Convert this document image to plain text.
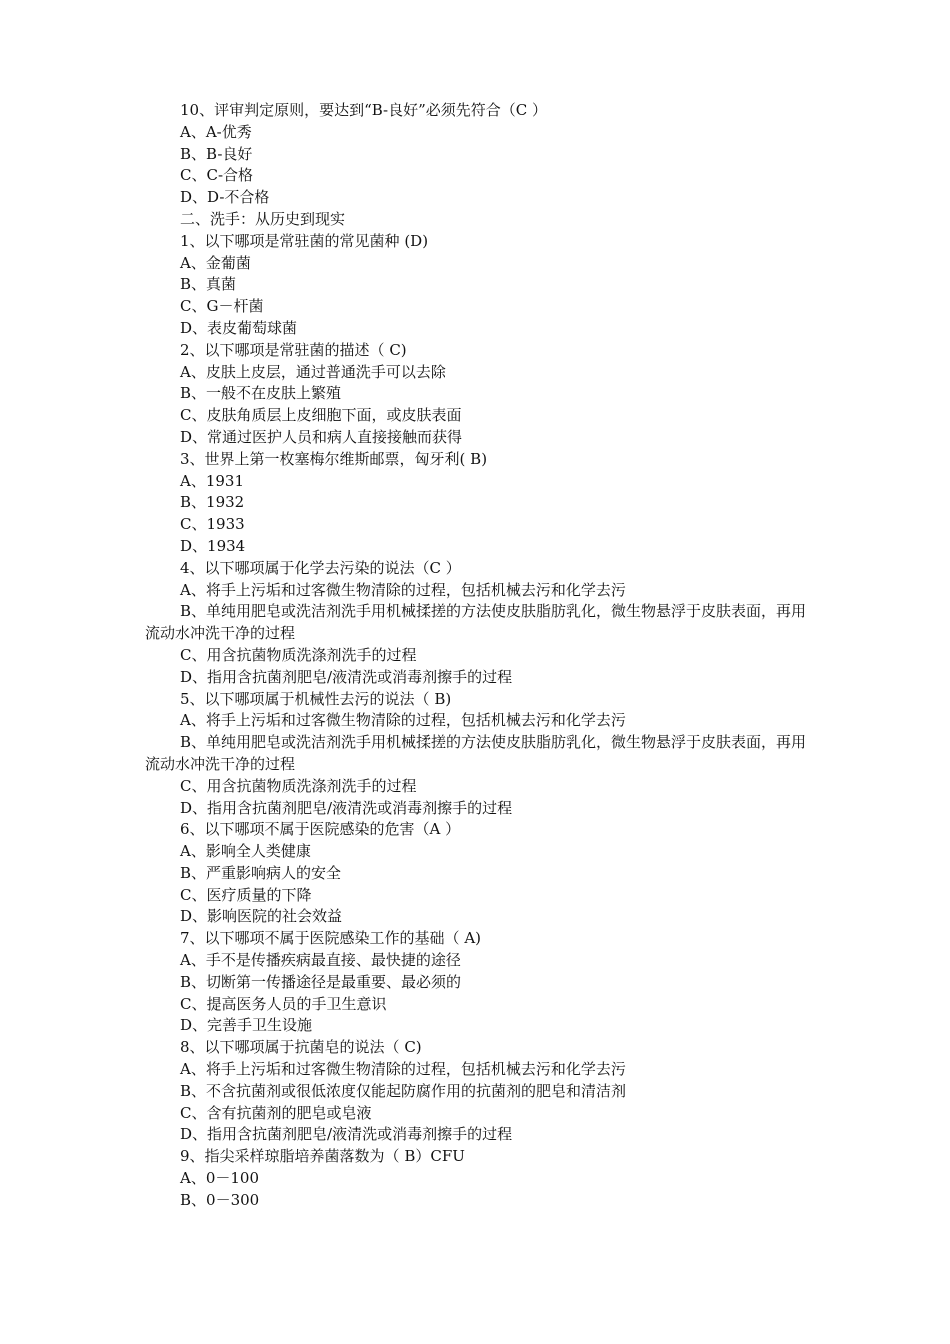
10、评审判定原则，要达到“B-良好”必须先符合（C ）
A、A-优秀
B、B-良好
C、C-合格
D、D-不合格
二、洗手：从历史到现实
1、以下哪项是常驻菌的常见菌种 (D)
A、金葡菌
B、真菌
C、G－杆菌
D、表皮葡萄球菌
2、以下哪项是常驻菌的描述（ C)
A、皮肤上皮层，通过普通洗手可以去除
B、一般不在皮肤上繁殖
C、皮肤角质层上皮细胞下面，或皮肤表面
D、常通过医护人员和病人直接接触而获得
3、世界上第一枚塞梅尔维斯邮票，匈牙利( B)
A、1931
B、1932
C、1933
D、1934
4、以下哪项属于化学去污染的说法（C ）
A、将手上污垢和过客微生物清除的过程，包括机械去污和化学去污
B、单纯用肥皂或洗洁剂洗手用机械揉搓的方法使皮肤脂肪乳化，微生物悬浮于皮肤表面，再用流动水冲洗干净的过程
C、用含抗菌物质洗涤剂洗手的过程
D、指用含抗菌剂肥皂/液清洗或消毒剂擦手的过程
5、以下哪项属于机械性去污的说法（ B)
A、将手上污垢和过客微生物清除的过程，包括机械去污和化学去污
B、单纯用肥皂或洗洁剂洗手用机械揉搓的方法使皮肤脂肪乳化，微生物悬浮于皮肤表面，再用流动水冲洗干净的过程
C、用含抗菌物质洗涤剂洗手的过程
D、指用含抗菌剂肥皂/液清洗或消毒剂擦手的过程
6、以下哪项不属于医院感染的危害（A ）
A、影响全人类健康
B、严重影响病人的安全
C、医疗质量的下降
D、影响医院的社会效益
7、以下哪项不属于医院感染工作的基础（ A)
A、手不是传播疾病最直接、最快捷的途径
B、切断第一传播途径是最重要、最必须的
C、提高医务人员的手卫生意识
D、完善手卫生设施
8、以下哪项属于抗菌皂的说法（ C)
A、将手上污垢和过客微生物清除的过程，包括机械去污和化学去污
B、不含抗菌剂或很低浓度仅能起防腐作用的抗菌剂的肥皂和清洁剂
C、含有抗菌剂的肥皂或皂液
D、指用含抗菌剂肥皂/液清洗或消毒剂擦手的过程
9、指尖采样琼脂培养菌落数为（ B）CFU
A、0－100
B、0－300
